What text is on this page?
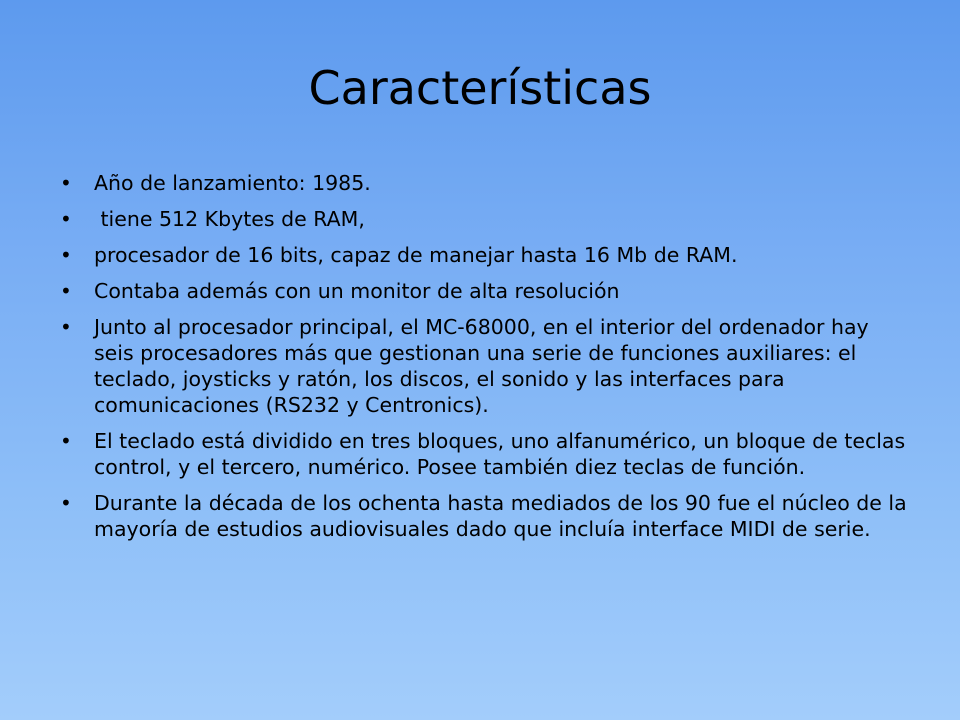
Características
•	Año de lanzamiento: 1985.
•	tiene 512 Kbytes de RAM,
•	procesador de 16 bits, capaz de manejar hasta 16 Mb de RAM.
•	Contaba además con un monitor de alta resolución
•	Junto al procesador principal, el MC-68000, en el interior del ordenador hay seis procesadores más que gestionan una serie de funciones auxiliares: el teclado, joysticks y ratón, los discos, el sonido y las interfaces para comunicaciones (RS232 y Centronics).
•	El teclado está dividido en tres bloques, uno alfanumérico, un bloque de teclas control, y el tercero, numérico. Posee también diez teclas de función.
•	Durante la década de los ochenta hasta mediados de los 90 fue el núcleo de la mayoría de estudios audiovisuales dado que incluía interface MIDI de serie.
